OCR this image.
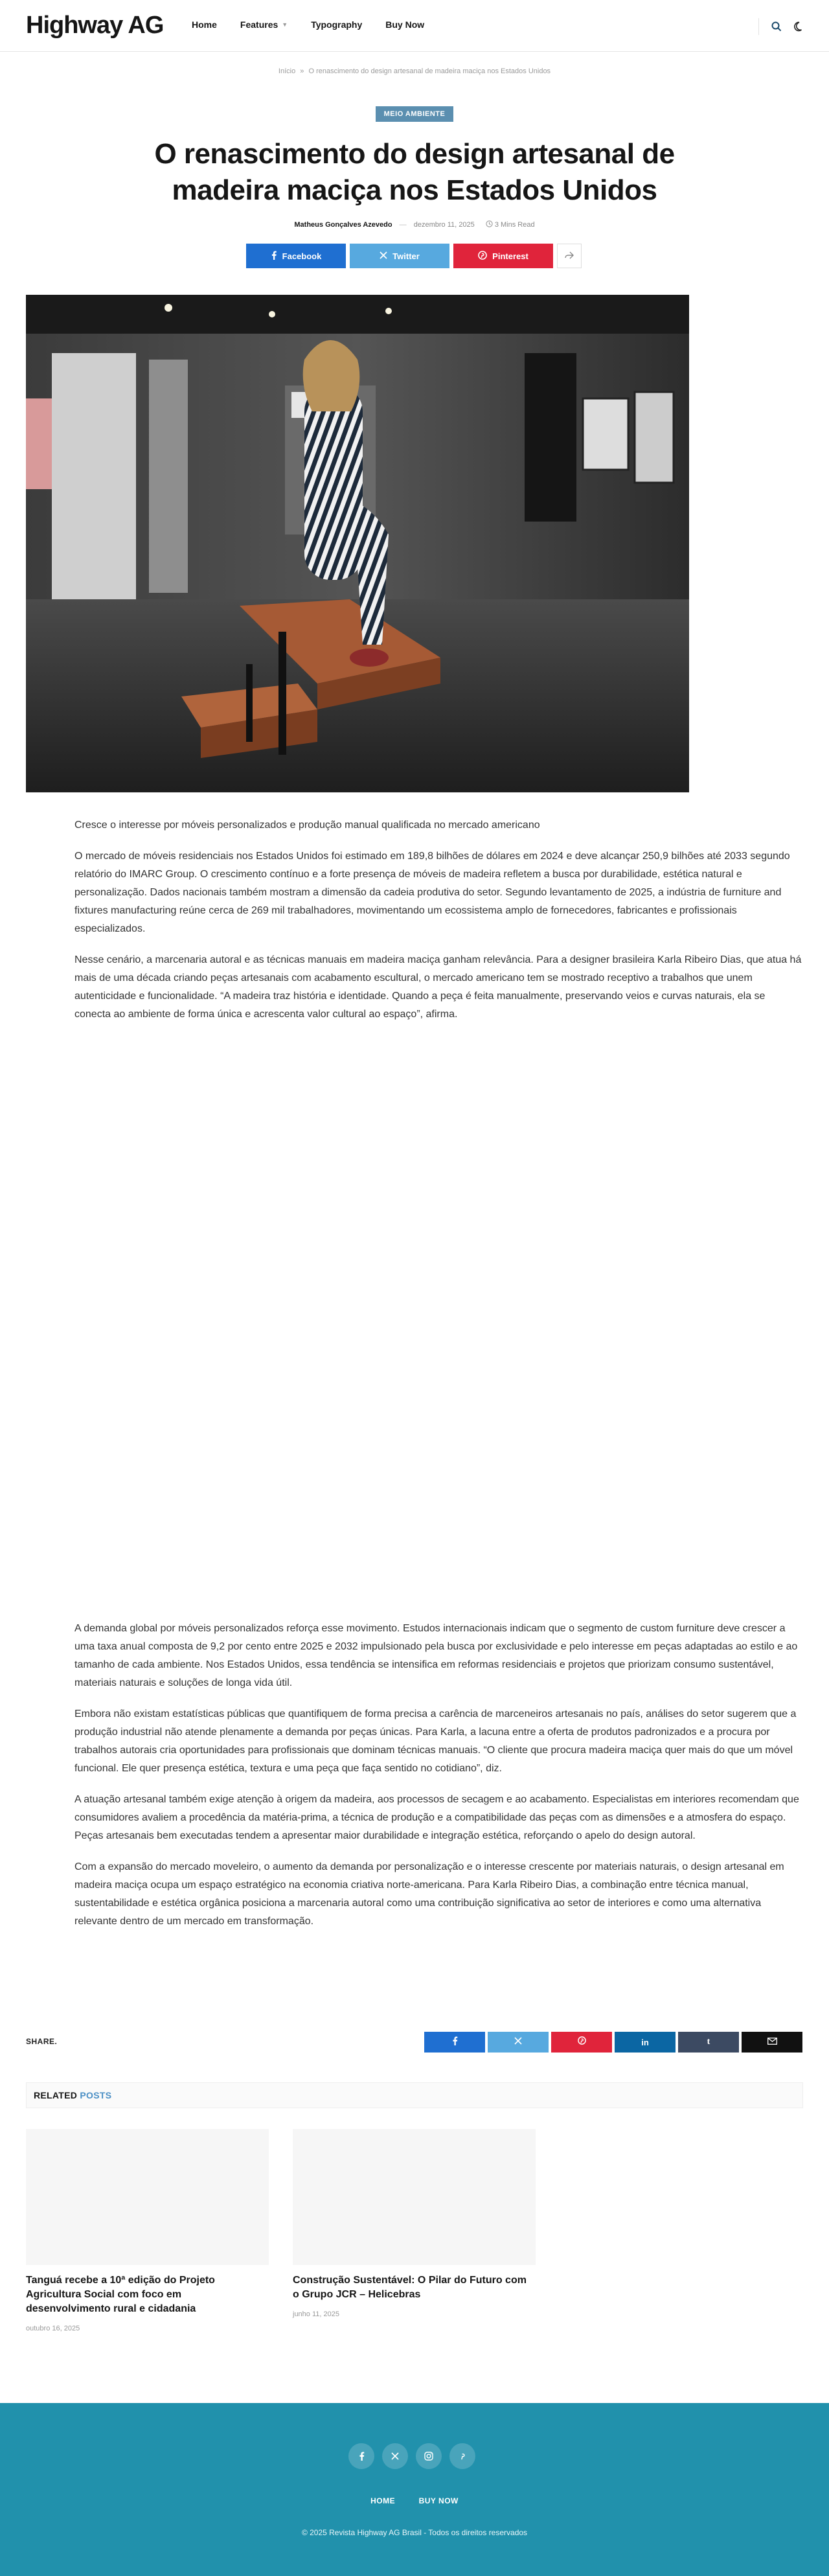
Highway AG	Home	Features ▼	Typography	Buy Now
Início » O renascimento do design artesanal de madeira maciça nos Estados Unidos
MEIO AMBIENTE
O renascimento do design artesanal de madeira maciça nos Estados Unidos
Matheus Gonçalves Azevedo — dezembro 11, 2025	3 Mins Read
Facebook	Twitter	Pinterest

Cresce o interesse por móveis personalizados e produção manual qualificada no mercado americano

O mercado de móveis residenciais nos Estados Unidos foi estimado em 189,8 bilhões de dólares em 2024 e deve alcançar 250,9 bilhões até 2033 segundo relatório do IMARC Group. O crescimento contínuo e a forte presença de móveis de madeira refletem a busca por durabilidade, estética natural e personalização. Dados nacionais também mostram a dimensão da cadeia produtiva do setor. Segundo levantamento de 2025, a indústria de furniture and fixtures manufacturing reúne cerca de 269 mil trabalhadores, movimentando um ecossistema amplo de fornecedores, fabricantes e profissionais especializados.

Nesse cenário, a marcenaria autoral e as técnicas manuais em madeira maciça ganham relevância. Para a designer brasileira Karla Ribeiro Dias, que atua há mais de uma década criando peças artesanais com acabamento escultural, o mercado americano tem se mostrado receptivo a trabalhos que unem autenticidade e funcionalidade. “A madeira traz história e identidade. Quando a peça é feita manualmente, preservando veios e curvas naturais, ela se conecta ao ambiente de forma única e acrescenta valor cultural ao espaço”, afirma.

A demanda global por móveis personalizados reforça esse movimento. Estudos internacionais indicam que o segmento de custom furniture deve crescer a uma taxa anual composta de 9,2 por cento entre 2025 e 2032 impulsionado pela busca por exclusividade e pelo interesse em peças adaptadas ao estilo e ao tamanho de cada ambiente. Nos Estados Unidos, essa tendência se intensifica em reformas residenciais e projetos que priorizam consumo sustentável, materiais naturais e soluções de longa vida útil.

Embora não existam estatísticas públicas que quantifiquem de forma precisa a carência de marceneiros artesanais no país, análises do setor sugerem que a produção industrial não atende plenamente a demanda por peças únicas. Para Karla, a lacuna entre a oferta de produtos padronizados e a procura por trabalhos autorais cria oportunidades para profissionais que dominam técnicas manuais. “O cliente que procura madeira maciça quer mais do que um móvel funcional. Ele quer presença estética, textura e uma peça que faça sentido no cotidiano”, diz.

A atuação artesanal também exige atenção à origem da madeira, aos processos de secagem e ao acabamento. Especialistas em interiores recomendam que consumidores avaliem a procedência da matéria-prima, a técnica de produção e a compatibilidade das peças com as dimensões e a atmosfera do espaço. Peças artesanais bem executadas tendem a apresentar maior durabilidade e integração estética, reforçando o apelo do design autoral.

Com a expansão do mercado moveleiro, o aumento da demanda por personalização e o interesse crescente por materiais naturais, o design artesanal em madeira maciça ocupa um espaço estratégico na economia criativa norte-americana. Para Karla Ribeiro Dias, a combinação entre técnica manual, sustentabilidade e estética orgânica posiciona a marcenaria autoral como uma contribuição significativa ao setor de interiores e como uma alternativa relevante dentro de um mercado em transformação.

SHARE.	in	t
RELATED POSTS
Tanguá recebe a 10ª edição do Projeto Agricultura Social com foco em desenvolvimento rural e cidadania
outubro 16, 2025
Construção Sustentável: O Pilar do Futuro com o Grupo JCR – Helicebras
junho 11, 2025
HOME	BUY NOW
© 2025 Revista Highway AG Brasil - Todos os direitos reservados
